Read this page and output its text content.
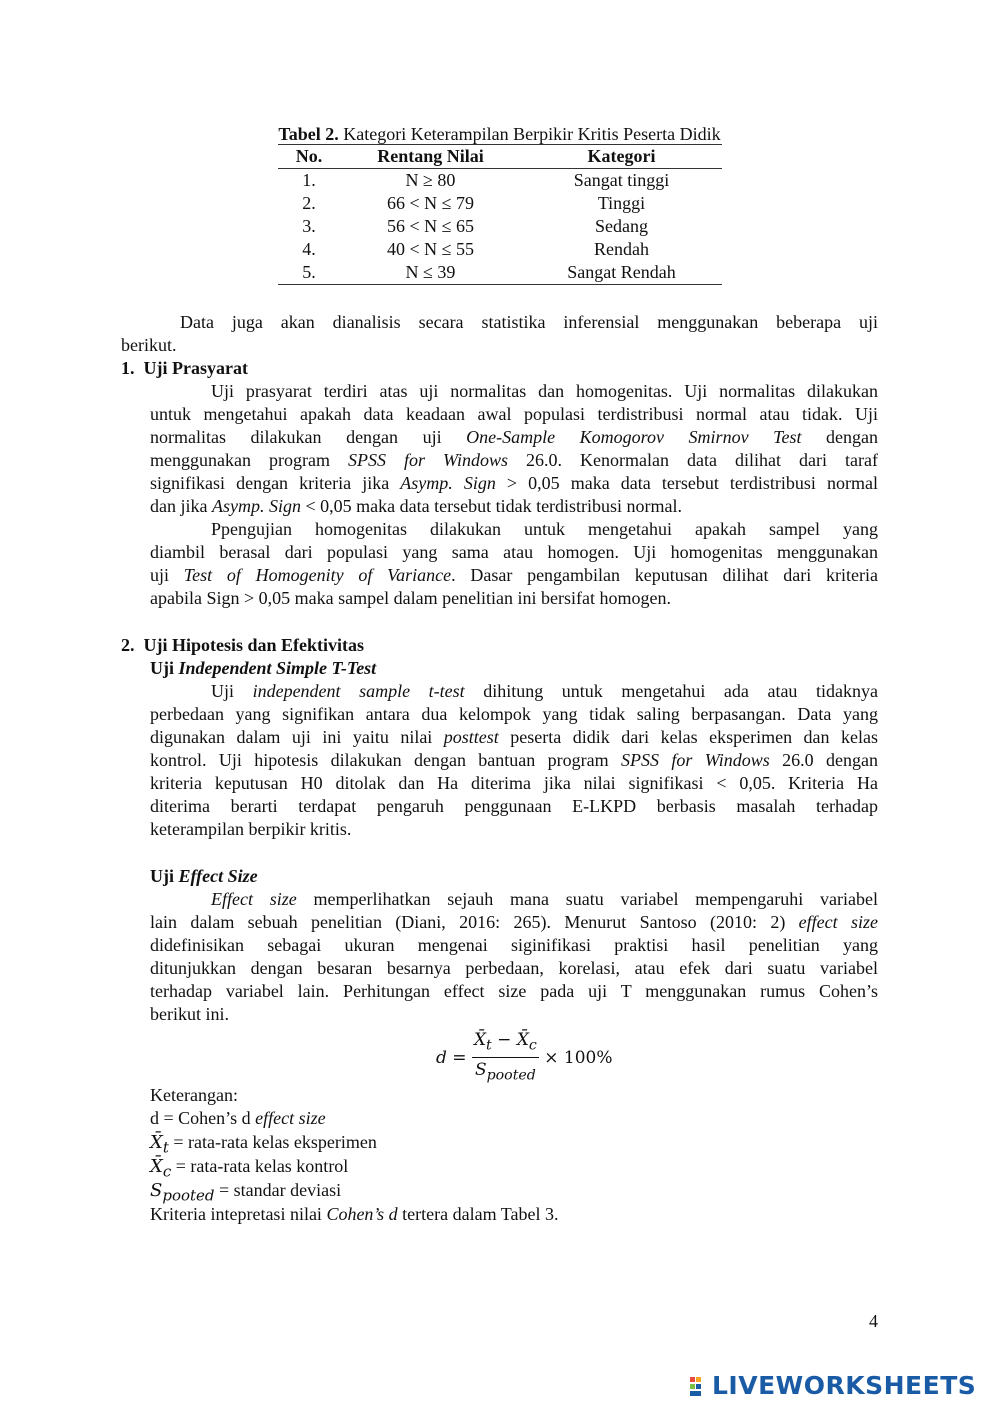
Tabel 2. Kategori Keterampilan Berpikir Kritis Peserta Didik
No.	Rentang Nilai	Kategori
1.	N ≥ 80	Sangat tinggi
2.	66 < N ≤ 79	Tinggi
3.	56 < N ≤ 65	Sedang
4.	40 < N ≤ 55	Rendah
5.	N ≤ 39	Sangat Rendah
Data juga akan dianalisis secara statistika inferensial menggunakan beberapa uji
berikut.
1.  Uji Prasyarat
Uji prasyarat terdiri atas uji normalitas dan homogenitas. Uji normalitas dilakukan
untuk mengetahui apakah data keadaan awal populasi terdistribusi normal atau tidak. Uji
normalitas dilakukan dengan uji One-Sample Komogorov Smirnov Test dengan
menggunakan program SPSS for Windows 26.0. Kenormalan data dilihat dari taraf
signifikasi dengan kriteria jika Asymp. Sign > 0,05 maka data tersebut terdistribusi normal
dan jika Asymp. Sign < 0,05 maka data tersebut tidak terdistribusi normal.
Ppengujian homogenitas dilakukan untuk mengetahui apakah sampel yang
diambil berasal dari populasi yang sama atau homogen. Uji homogenitas menggunakan
uji Test of Homogenity of Variance. Dasar pengambilan keputusan dilihat dari kriteria
apabila Sign > 0,05 maka sampel dalam penelitian ini bersifat homogen.
2.  Uji Hipotesis dan Efektivitas
Uji Independent Simple T-Test
Uji independent sample t-test dihitung untuk mengetahui ada atau tidaknya
perbedaan yang signifikan antara dua kelompok yang tidak saling berpasangan. Data yang
digunakan dalam uji ini yaitu nilai posttest peserta didik dari kelas eksperimen dan kelas
kontrol. Uji hipotesis dilakukan dengan bantuan program SPSS for Windows 26.0 dengan
kriteria keputusan H0 ditolak dan Ha diterima jika nilai signifikasi < 0,05. Kriteria Ha
diterima berarti terdapat pengaruh penggunaan E-LKPD berbasis masalah terhadap
keterampilan berpikir kritis.
Uji Effect Size
Effect size memperlihatkan sejauh mana suatu variabel mempengaruhi variabel
lain dalam sebuah penelitian (Diani, 2016: 265). Menurut Santoso (2010: 2) effect size
didefinisikan sebagai ukuran mengenai siginifikasi praktisi hasil penelitian yang
ditunjukkan dengan besaran besarnya perbedaan, korelasi, atau efek dari suatu variabel
terhadap variabel lain. Perhitungan effect size pada uji T menggunakan rumus Cohen’s
berikut ini.
$d = \frac{X̄_t - X̄_c}{S_{pooted}} \times 100\%$
Keterangan:
d = Cohen’s d effect size
$X̄_t$ = rata-rata kelas eksperimen
$X̄_c$ = rata-rata kelas kontrol
$S_{pooted}$ = standar deviasi
Kriteria intepretasi nilai Cohen’s d tertera dalam Tabel 3.
4
LIVEWORKSHEETS
